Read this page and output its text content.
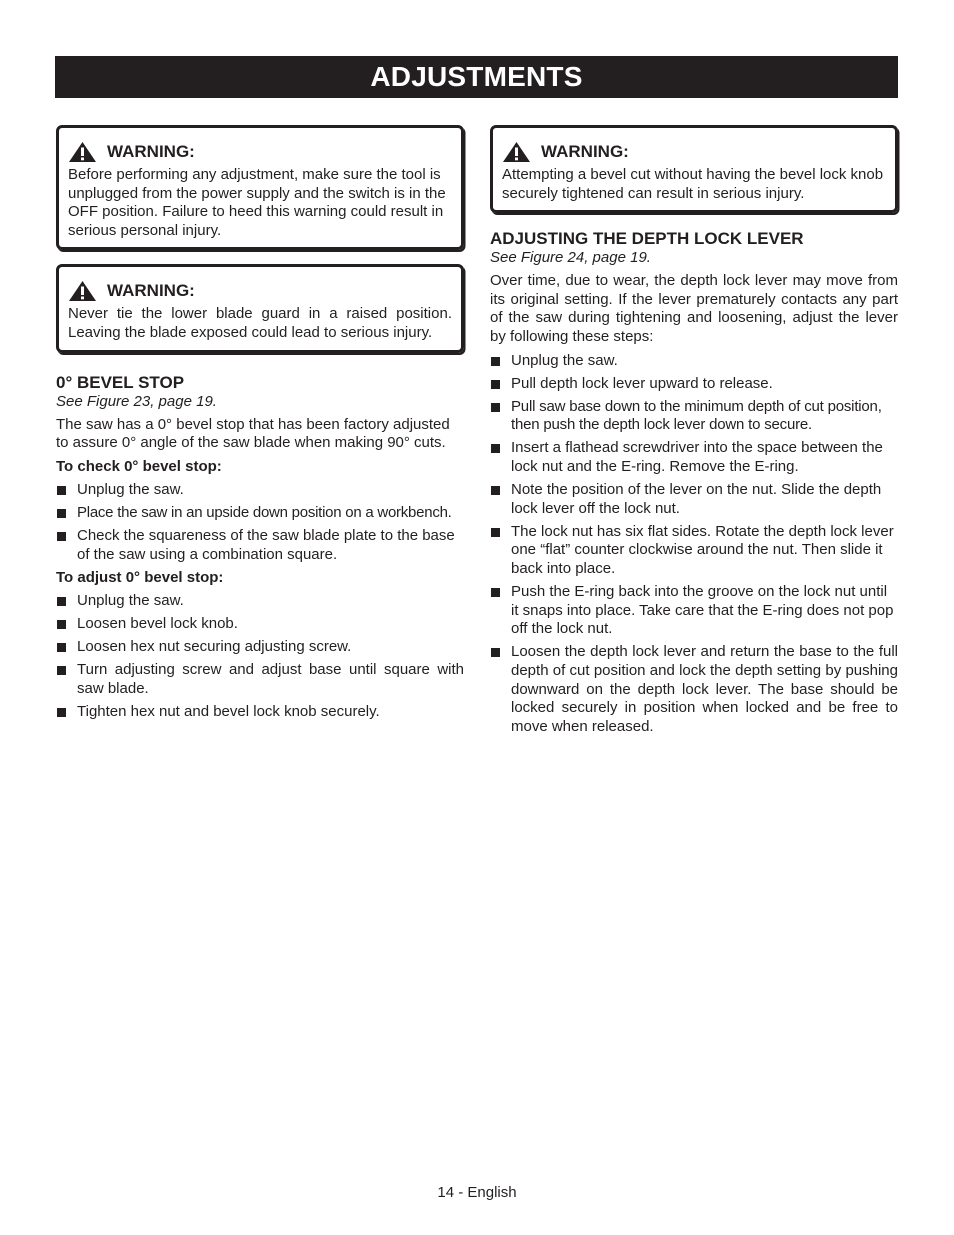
ADJUSTMENTS
WARNING:

Before performing any adjustment, make sure the tool is unplugged from the power supply and the switch is in the OFF position. Failure to heed this warning could result in serious personal injury.

WARNING:

Never tie the lower blade guard in a raised position. Leaving the blade exposed could lead to serious injury.

0° BEVEL STOP

See Figure 23, page 19.

The saw has a 0° bevel stop that has been factory adjusted to assure 0° angle of the saw blade when making 90° cuts.

To check 0° bevel stop:

Unplug the saw.
Place the saw in an upside down position on a workbench.
Check the squareness of the saw blade plate to the base of the saw using a combination square.

To adjust 0° bevel stop:

Unplug the saw.
Loosen bevel lock knob.
Loosen hex nut securing adjusting screw.
Turn adjusting screw and adjust base until square with saw blade.
Tighten hex nut and bevel lock knob securely.
WARNING:

Attempting a bevel cut without having the bevel lock knob securely tightened can result in serious injury.

ADJUSTING THE DEPTH LOCK LEVER

See Figure 24, page 19.

Over time, due to wear, the depth lock lever may move from its original setting. If the lever prematurely contacts any part of the saw during tightening and loosening, adjust the lever by following these steps:

Unplug the saw.
Pull depth lock lever upward to release.
Pull saw base down to the minimum depth of cut position, then push the depth lock lever down to secure.
Insert a flathead screwdriver into the space between the lock nut and the E-ring. Remove the E-ring.
Note the position of the lever on the nut. Slide the depth lock lever off the lock nut.
The lock nut has six flat sides. Rotate the depth lock lever one “flat” counter clockwise around the nut. Then slide it back into place.
Push the E-ring back into the groove on the lock nut until it snaps into place. Take care that the E-ring does not pop off the lock nut.
Loosen the depth lock lever and return the base to the full depth of cut position and lock the depth setting by pushing downward on the depth lock lever. The base should be locked securely in position when locked and be free to move when released.
14 - English
